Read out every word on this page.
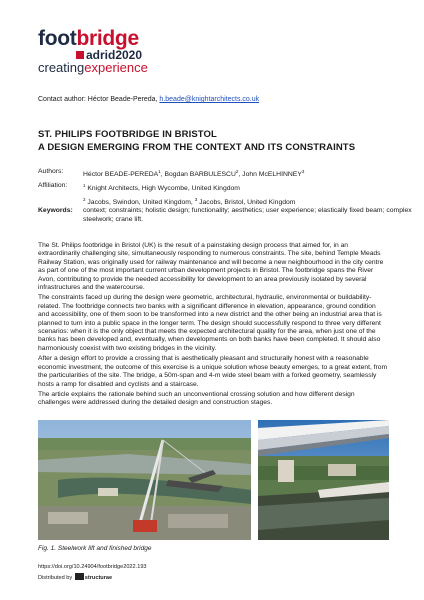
footbridge
adrid2020
creatingexperience
Contact author: Héctor Beade-Pereda, h.beade@knightarchitects.co.uk
ST. PHILIPS FOOTBRIDGE IN BRISTOL
A DESIGN EMERGING FROM THE CONTEXT AND ITS CONSTRAINTS
Authors:	Héctor BEADE-PEREDA$^1$, Bogdan BARBULESCU$^2$, John McELHINNEY$^3$
Affiliation:	$^1$ Knight Architects, High Wycombe, United Kingdom
$^2$ Jacobs, Swindon, United Kingdom, $^3$ Jacobs, Bristol, United Kingdom
Keywords: context; constraints; holistic design; functionality; aesthetics; user experience; elastically fixed beam; complex steelwork; crane lift.

The St. Philips footbridge in Bristol (UK) is the result of a painstaking design process that aimed for, in an extraordinarily challenging site, simultaneously responding to numerous constraints. The site, behind Temple Meads Railway Station, was originally used for railway maintenance and will become a new neighbourhood in the city centre as part of one of the most important current urban development projects in Bristol. The footbridge spans the River Avon, contributing to provide the needed accessibility for development to an area previously isolated by several infrastructures and the watercourse.

The constraints faced up during the design were geometric, architectural, hydraulic, environmental or buildability-related. The footbridge connects two banks with a significant difference in elevation, appearance, ground condition and accessibility, one of them soon to be transformed into a new district and the other being an industrial area that is planned to turn into a public space in the longer term. The design should successfully respond to three very different scenarios: when it is the only object that meets the expected architectural quality for the area, when just one of the banks has been developed and, eventually, when developments on both banks have been completed. It should also harmoniously coexist with two existing bridges in the vicinity.

After a design effort to provide a crossing that is aesthetically pleasant and structurally honest with a reasonable economic investment, the outcome of this exercise is a unique solution whose beauty emerges, to a great extent, from the particularities of the site. The bridge, a 50m-span and 4-m wide steel beam with a forked geometry, seamlessly hosts a ramp for disabled and cyclists and a staircase.

The article explains the rationale behind such an unconventional crossing solution and how different design challenges were addressed during the detailed design and construction stages.

Fig. 1. Steelwork lift and finished bridge
https://doi.org/10.24904/footbridge2022.193
Distributed by structurae
